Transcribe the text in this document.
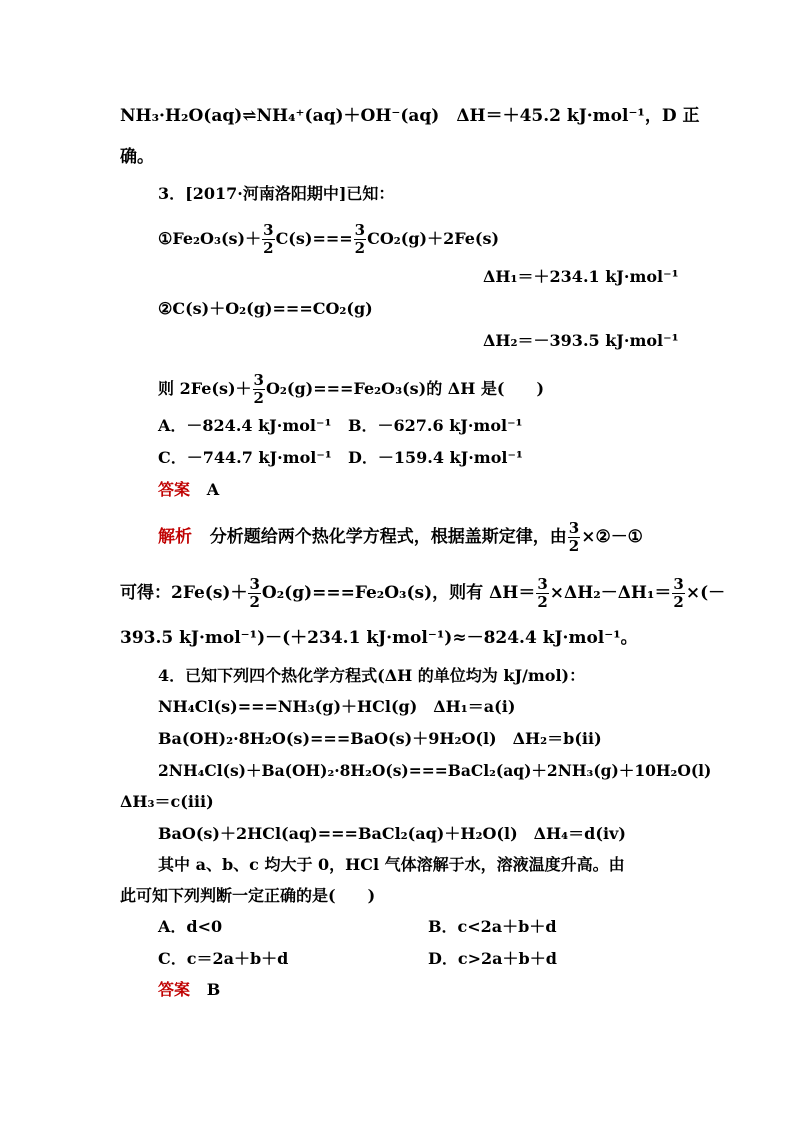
NH₃·H₂O(aq)⇌NH₄⁺(aq)＋OH⁻(aq)　ΔH＝＋45.2 kJ·mol⁻¹，D 正
确。
3．[2017·河南洛阳期中]已知：
①Fe₂O₃(s)＋ $\frac{3}{2} C(s)=== \frac{3}{2} CO_2(g)+2Fe(s)$
ΔH₁＝＋234.1 kJ·mol⁻¹
②C(s)＋O₂(g)===CO₂(g)
ΔH₂＝－393.5 kJ·mol⁻¹
则 $2Fe(s)+ \frac{3}{2} O_2(g)===Fe_2O_3(s)$的 ΔH 是(　　)
A．－824.4 kJ·mol⁻¹ B．－627.6 kJ·mol⁻¹
C．－744.7 kJ·mol⁻¹ D．－159.4 kJ·mol⁻¹
答案 A
解析 分析题给两个热化学方程式，根据盖斯定律，由 $\frac{3}{2}$ ×②－①
可得：$2Fe(s)+ \frac{3}{2} O_2(g)===Fe_2O_3(s)$，则有 $\Delta H= \frac{3}{2} \times\Delta H_2-\Delta H_1= \frac{3}{2}$ ×(－
393.5 kJ·mol⁻¹)－(＋234.1 kJ·mol⁻¹)≈－824.4 kJ·mol⁻¹。
4．已知下列四个热化学方程式(ΔH 的单位均为 kJ/mol)：
NH₄Cl(s)===NH₃(g)＋HCl(g)　ΔH₁＝a(ⅰ)
Ba(OH)₂·8H₂O(s)===BaO(s)＋9H₂O(l)　ΔH₂＝b(ⅱ)
2NH₄Cl(s)＋Ba(OH)₂·8H₂O(s)===BaCl₂(aq)＋2NH₃(g)＋10H₂O(l)
ΔH₃＝c(ⅲ)
BaO(s)＋2HCl(aq)===BaCl₂(aq)＋H₂O(l)　ΔH₄＝d(ⅳ)
其中 a、b、c 均大于 0，HCl 气体溶解于水，溶液温度升高。由
此可知下列判断一定正确的是(　　)
A．d<0	B．c<2a＋b＋d
C．c＝2a＋b＋d	D．c>2a＋b＋d
答案 B
